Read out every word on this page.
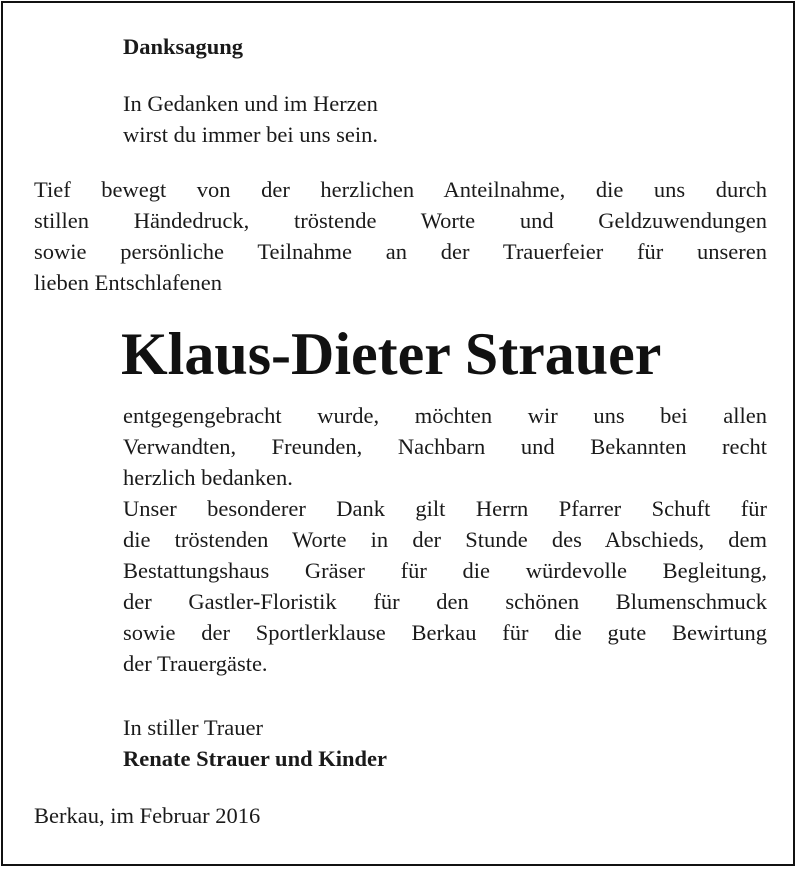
Danksagung
In Gedanken und im Herzen
wirst du immer bei uns sein.
Tief bewegt von der herzlichen Anteilnahme, die uns durch
stillen Händedruck, tröstende Worte und Geldzuwendungen
sowie persönliche Teilnahme an der Trauerfeier für unseren
lieben Entschlafenen
Klaus-Dieter Strauer
entgegengebracht wurde, möchten wir uns bei allen
Verwandten, Freunden, Nachbarn und Bekannten recht
herzlich bedanken.
Unser besonderer Dank gilt Herrn Pfarrer Schuft für
die tröstenden Worte in der Stunde des Abschieds, dem
Bestattungshaus Gräser für die würdevolle Begleitung,
der Gastler-Floristik für den schönen Blumenschmuck
sowie der Sportlerklause Berkau für die gute Bewirtung
der Trauergäste.
In stiller Trauer
Renate Strauer und Kinder
Berkau, im Februar 2016
